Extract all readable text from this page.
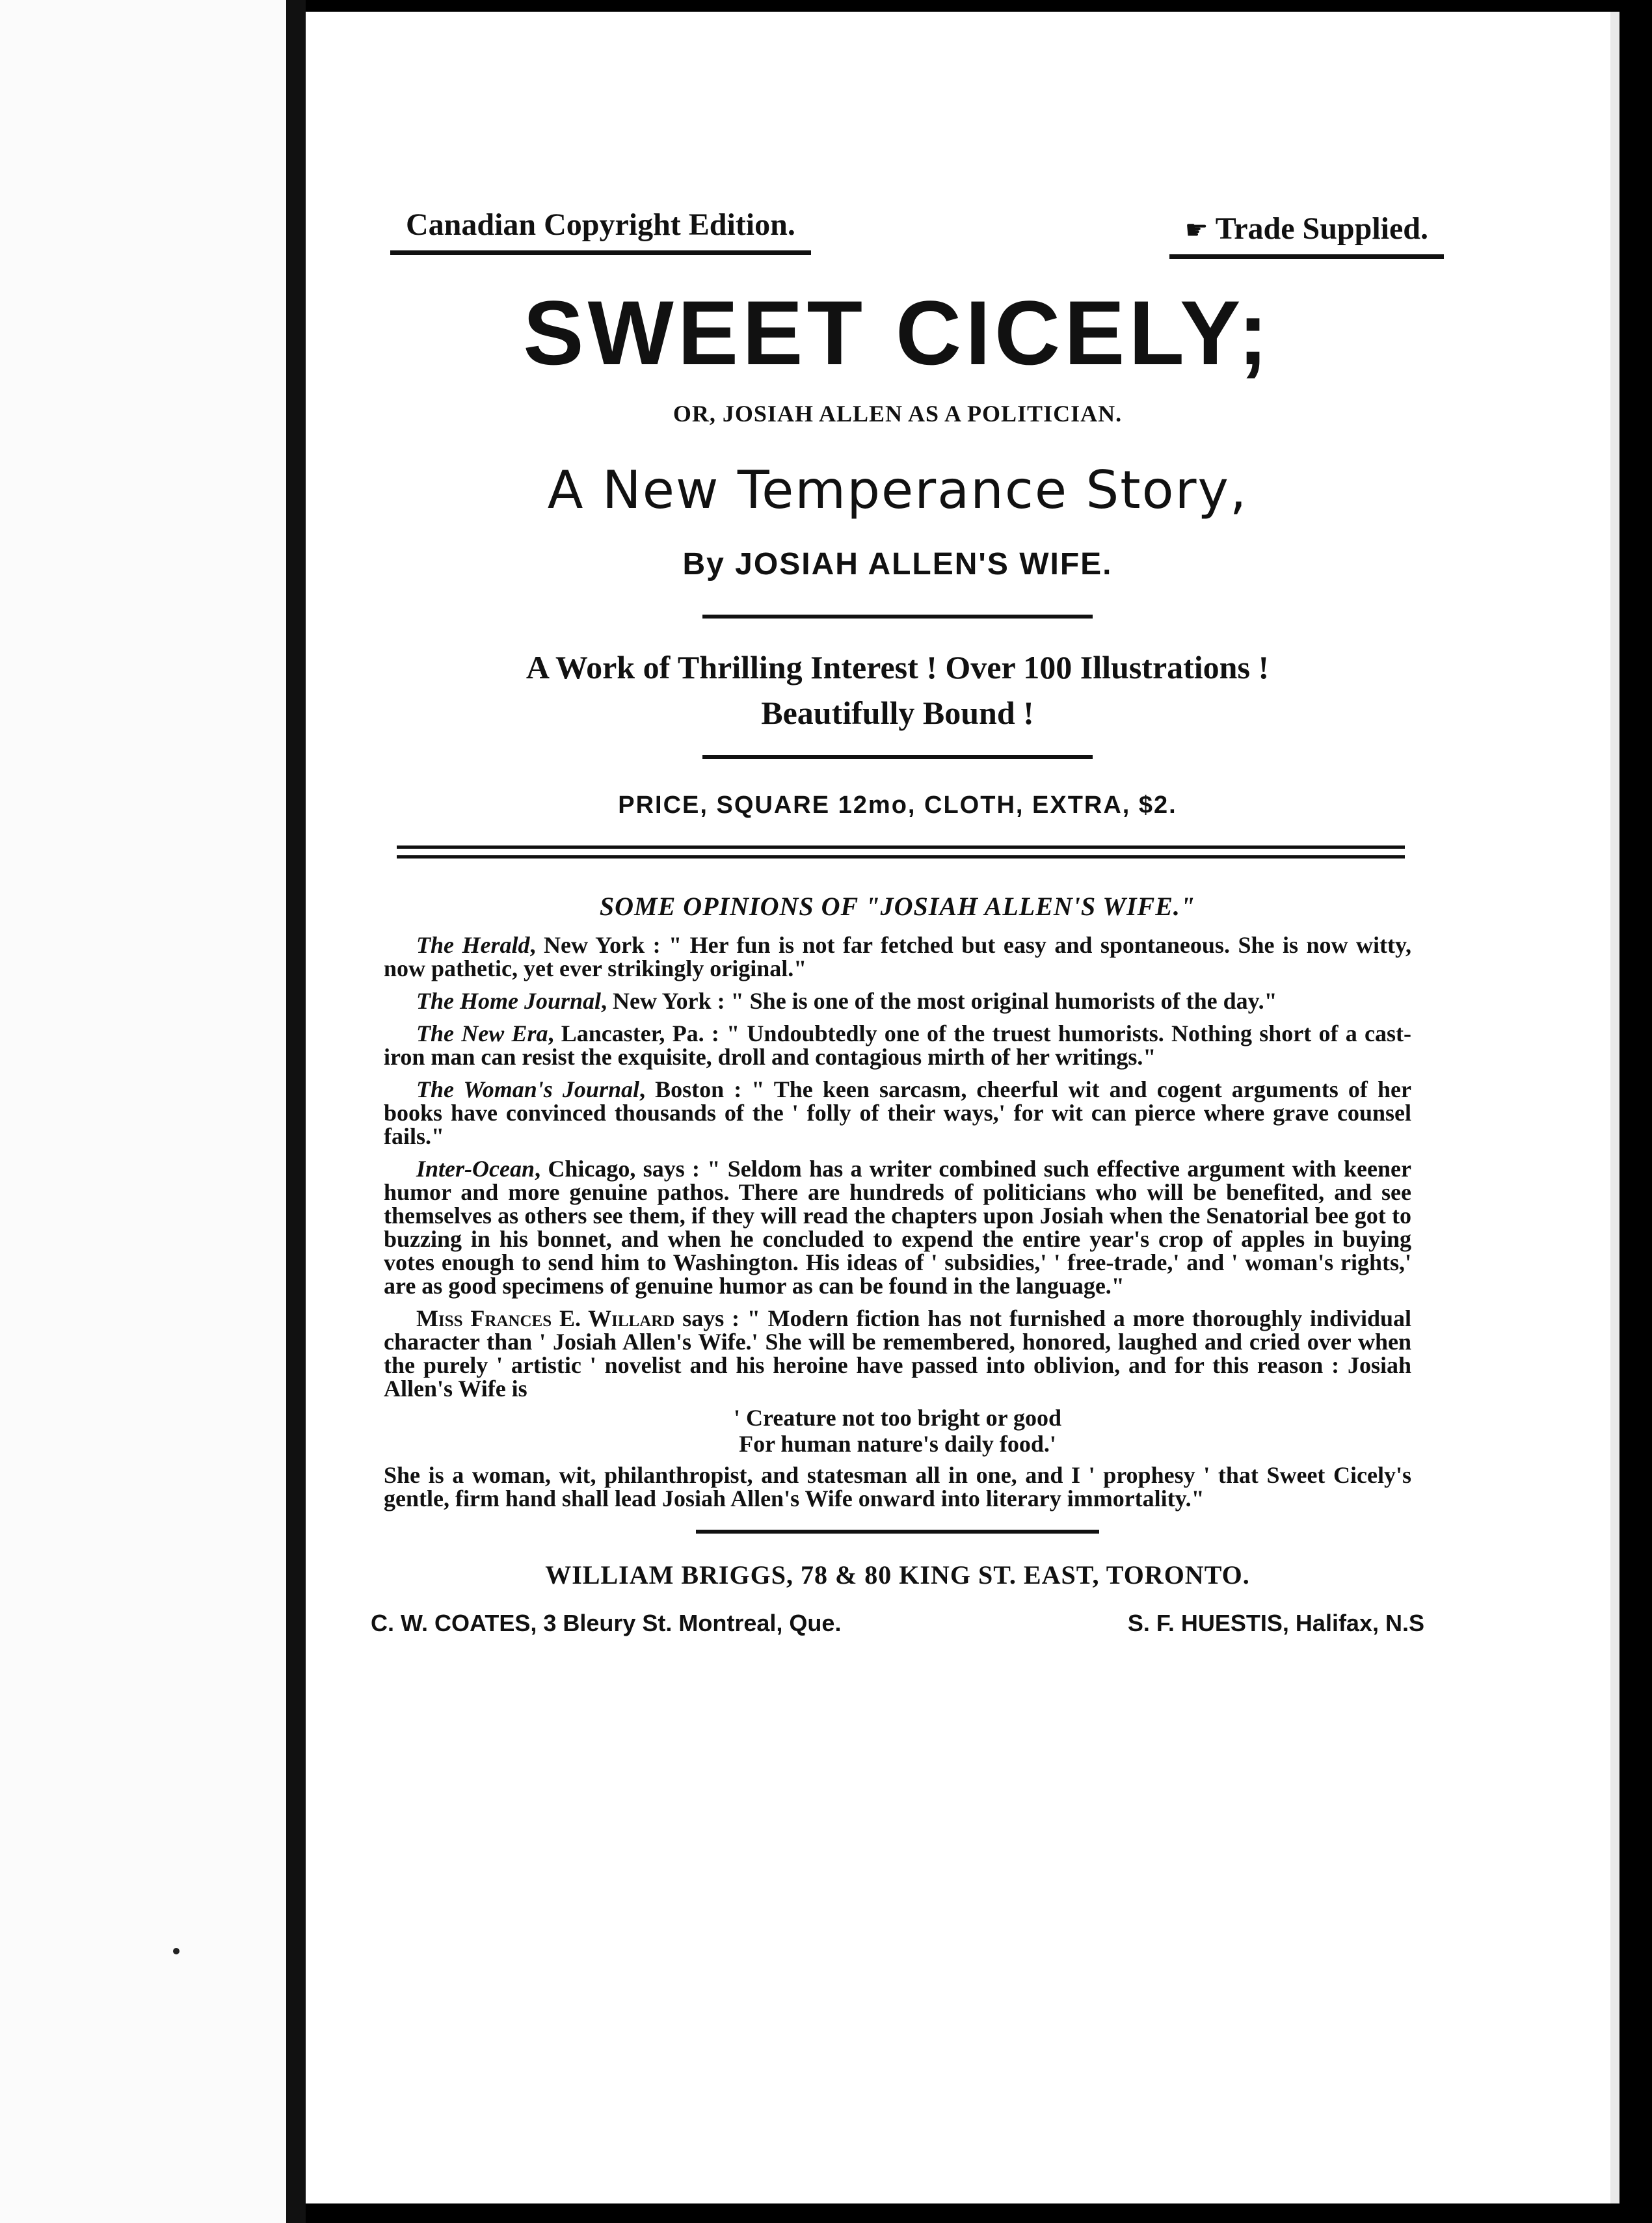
Canadian Copyright Edition.	☛ Trade Supplied.
SWEET CICELY;
OR, JOSIAH ALLEN AS A POLITICIAN.
A New Temperance Story,
By JOSIAH ALLEN'S WIFE.
A Work of Thrilling Interest ! Over 100 Illustrations !
Beautifully Bound !
PRICE, SQUARE 12mo, CLOTH, EXTRA, $2.
SOME OPINIONS OF "JOSIAH ALLEN'S WIFE."

The Herald, New York : " Her fun is not far fetched but easy and spontaneous. She is now witty, now pathetic, yet ever strikingly original."

The Home Journal, New York : " She is one of the most original humorists of the day."

The New Era, Lancaster, Pa. : " Undoubtedly one of the truest humorists. Nothing short of a cast-iron man can resist the exquisite, droll and contagious mirth of her writings."

The Woman's Journal, Boston : " The keen sarcasm, cheerful wit and cogent arguments of her books have convinced thousands of the ' folly of their ways,' for wit can pierce where grave counsel fails."

Inter-Ocean, Chicago, says : " Seldom has a writer combined such effective argument with keener humor and more genuine pathos. There are hundreds of politicians who will be benefited, and see themselves as others see them, if they will read the chapters upon Josiah when the Senatorial bee got to buzzing in his bonnet, and when he concluded to expend the entire year's crop of apples in buying votes enough to send him to Washington. His ideas of ' subsidies,' ' free-trade,' and ' woman's rights,' are as good specimens of genuine humor as can be found in the language."

Miss Frances E. Willard says : " Modern fiction has not furnished a more thoroughly individual character than ' Josiah Allen's Wife.' She will be remembered, honored, laughed and cried over when the purely ' artistic ' novelist and his heroine have passed into oblivion, and for this reason : Josiah Allen's Wife is

' Creature not too bright or good
For human nature's daily food.'

She is a woman, wit, philanthropist, and statesman all in one, and I ' prophesy ' that Sweet Cicely's gentle, firm hand shall lead Josiah Allen's Wife onward into literary immortality."

WILLIAM BRIGGS, 78 & 80 KING ST. EAST, TORONTO.
C. W. COATES, 3 Bleury St. Montreal, Que.	S. F. HUESTIS, Halifax, N.S
